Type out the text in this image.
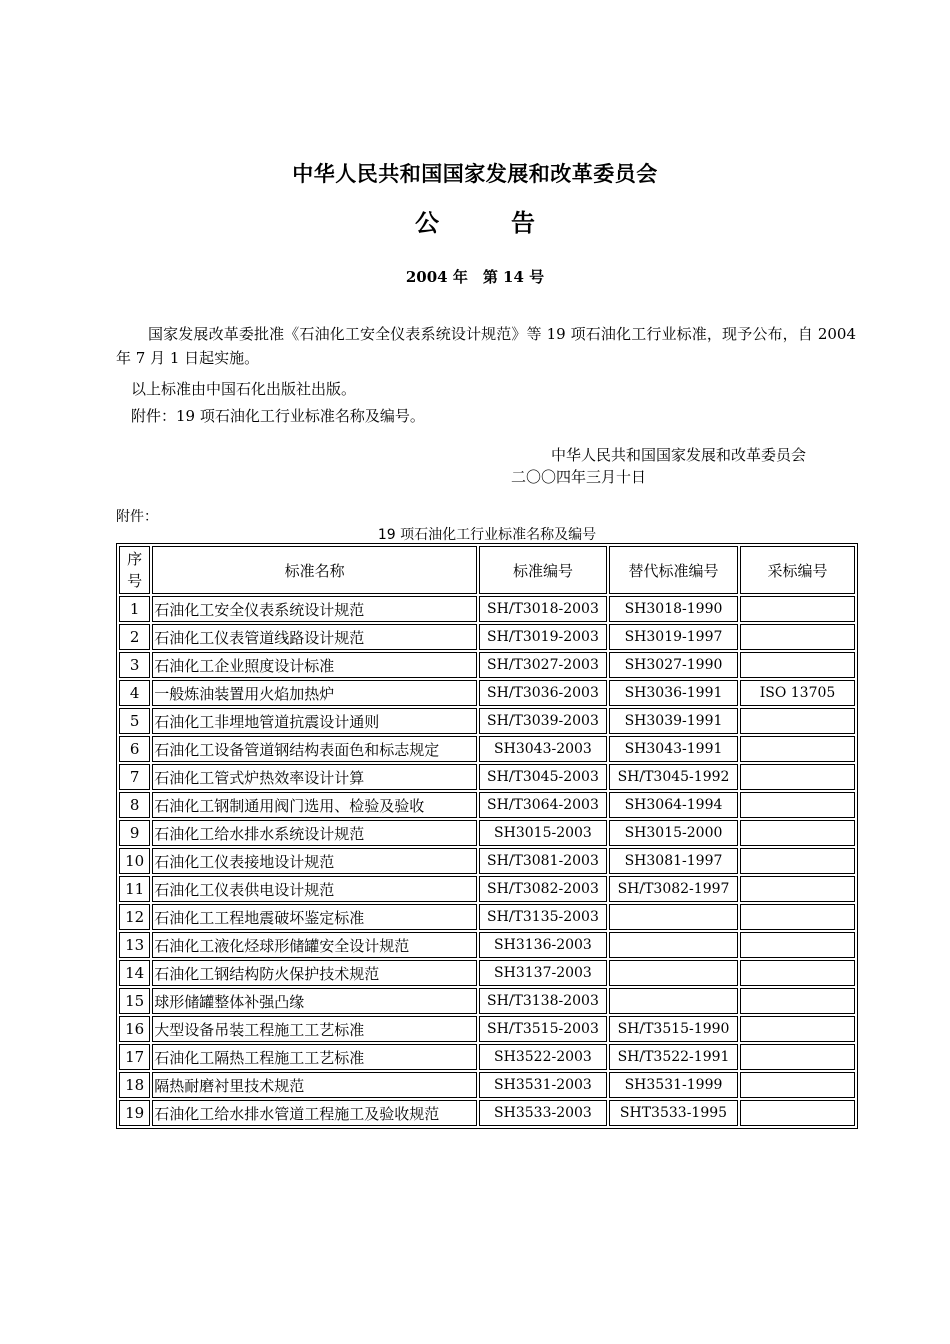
中华人民共和国国家发展和改革委员会
公告
2004 年　第 14 号
国家发展改革委批准《石油化工安全仪表系统设计规范》等 19 项石油化工行业标准，现予公布，自 2004 年 7 月 1 日起实施。
以上标准由中国石化出版社出版。
附件：19 项石油化工行业标准名称及编号。
中华人民共和国国家发展和改革委员会
二〇〇四年三月十日
附件：
19 项石油化工行业标准名称及编号
序
号	标准名称	标准编号	替代标准编号	采标编号
1	石油化工安全仪表系统设计规范	SH/T3018-2003	SH3018-1990	
2	石油化工仪表管道线路设计规范	SH/T3019-2003	SH3019-1997	
3	石油化工企业照度设计标准	SH/T3027-2003	SH3027-1990	
4	一般炼油装置用火焰加热炉	SH/T3036-2003	SH3036-1991	ISO 13705
5	石油化工非埋地管道抗震设计通则	SH/T3039-2003	SH3039-1991	
6	石油化工设备管道钢结构表面色和标志规定	SH3043-2003	SH3043-1991	
7	石油化工管式炉热效率设计计算	SH/T3045-2003	SH/T3045-1992	
8	石油化工钢制通用阀门选用、检验及验收	SH/T3064-2003	SH3064-1994	
9	石油化工给水排水系统设计规范	SH3015-2003	SH3015-2000	
10	石油化工仪表接地设计规范	SH/T3081-2003	SH3081-1997	
11	石油化工仪表供电设计规范	SH/T3082-2003	SH/T3082-1997	
12	石油化工工程地震破坏鉴定标准	SH/T3135-2003		
13	石油化工液化烃球形储罐安全设计规范	SH3136-2003		
14	石油化工钢结构防火保护技术规范	SH3137-2003		
15	球形储罐整体补强凸缘	SH/T3138-2003		
16	大型设备吊装工程施工工艺标准	SH/T3515-2003	SH/T3515-1990	
17	石油化工隔热工程施工工艺标准	SH3522-2003	SH/T3522-1991	
18	隔热耐磨衬里技术规范	SH3531-2003	SH3531-1999	
19	石油化工给水排水管道工程施工及验收规范	SH3533-2003	SHT3533-1995	
